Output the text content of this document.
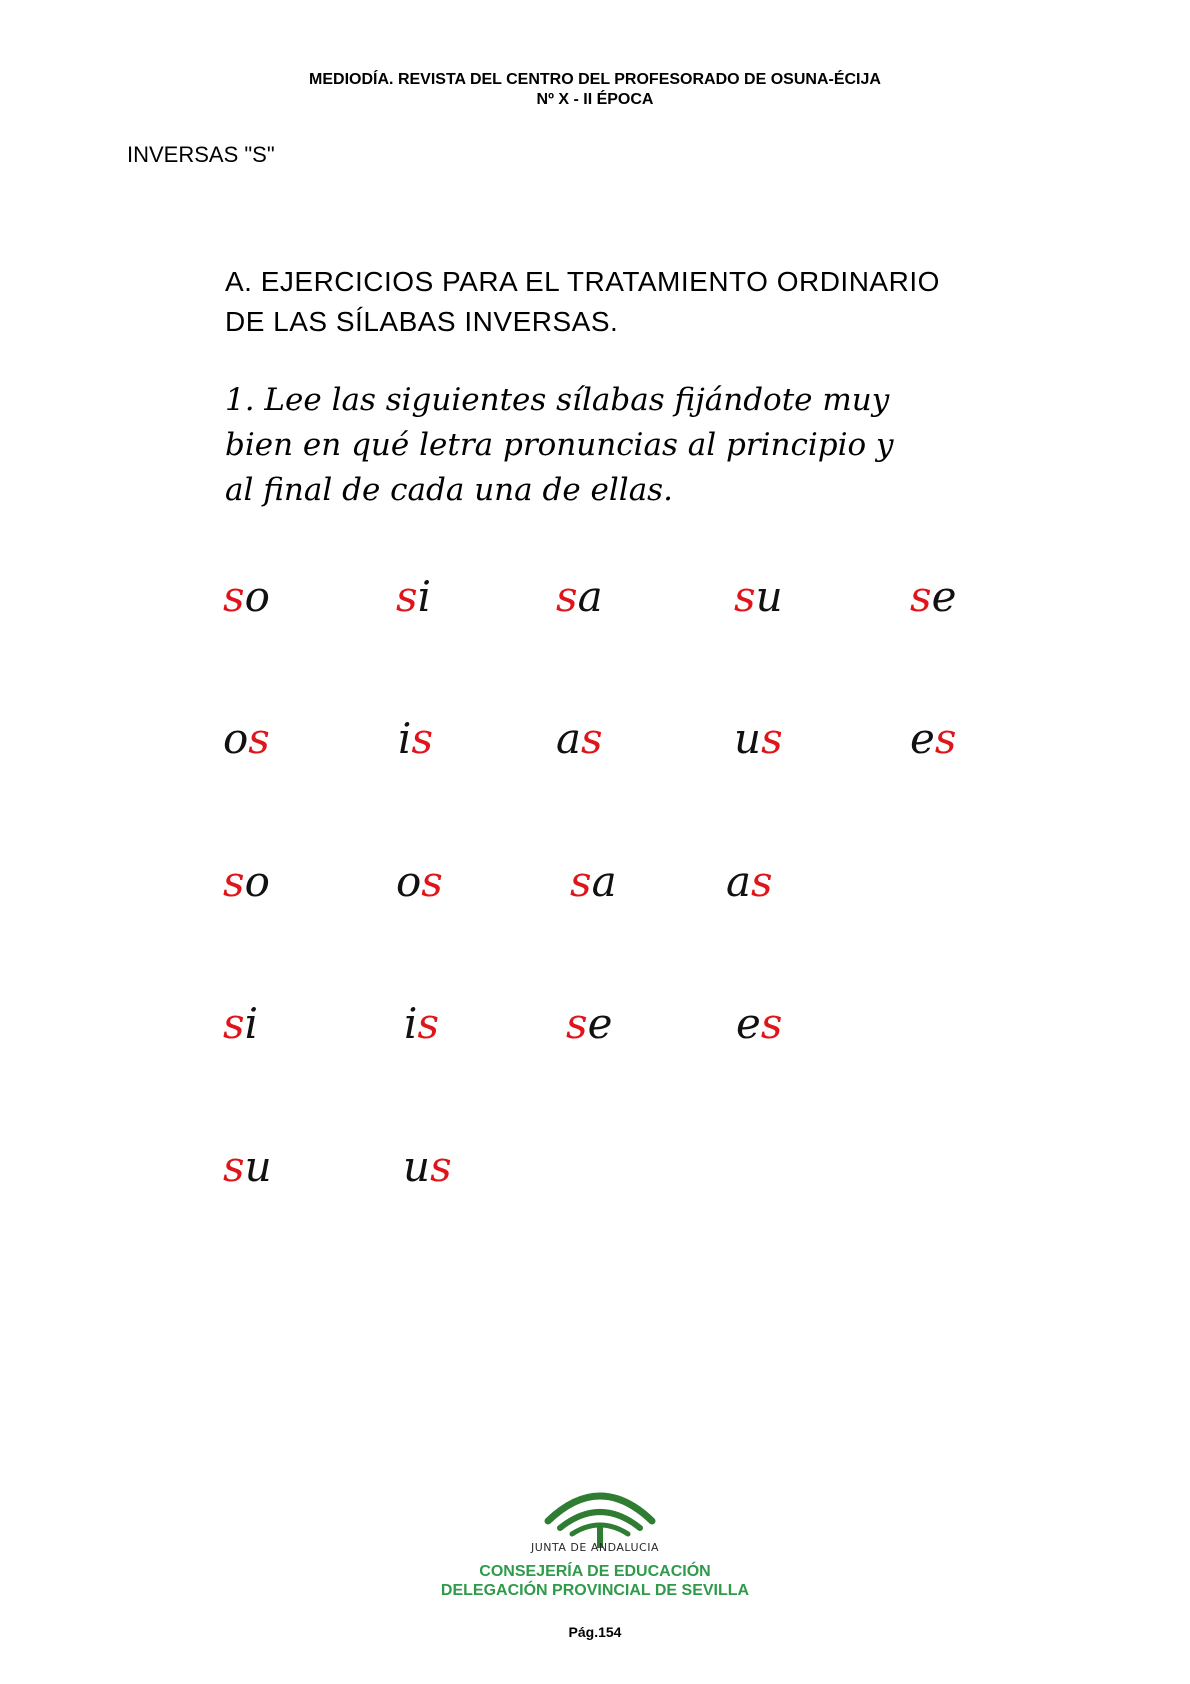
MEDIODÍA. REVISTA DEL CENTRO DEL PROFESORADO DE OSUNA-ÉCIJA
Nº X - II ÉPOCA
INVERSAS "S"
A. EJERCICIOS PARA EL TRATAMIENTO ORDINARIO
DE LAS SÍLABAS INVERSAS.
1. Lee las siguientes sílabas fijándote muy
bien en qué letra pronuncias al principio y
al final de cada una de ellas.
so	si	sa	su	se
os	is	as	us	es
so	os	sa	as
si	is	se	es
su	us
JUNTA DE ANDALUCIA
CONSEJERÍA DE EDUCACIÓN
DELEGACIÓN PROVINCIAL DE SEVILLA
Pág.154
